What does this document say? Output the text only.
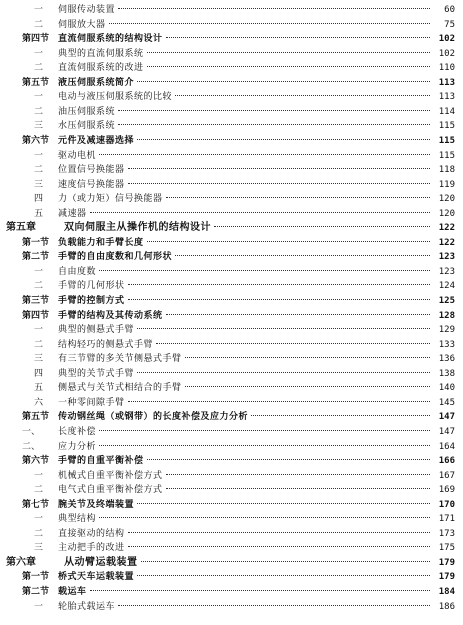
一	伺服传动装置	60
二	伺服放大器	75
第四节 直流伺服系统的结构设计	102
一	典型的直流伺服系统	102
二	直流伺服系统的改进	110
第五节 液压伺服系统简介	113
一	电动与液压伺服系统的比较	113
二	油压伺服系统	114
三	水压伺服系统	115
第六节 元件及减速器选择	115
一	驱动电机	115
二	位置信号换能器	118
三	速度信号换能器	119
四	力（或力矩）信号换能器	120
五	减速器	120
第五章	双向伺服主从操作机的结构设计	122
第一节 负载能力和手臂长度	122
第二节 手臂的自由度数和几何形状	123
一	自由度数	123
二	手臂的几何形状	124
第三节 手臂的控制方式	125
第四节 手臂的结构及其传动系统	128
一	典型的侧悬式手臂	129
二	结构轻巧的侧悬式手臂	133
三	有三节臂的多关节侧悬式手臂	136
四	典型的关节式手臂	138
五	侧悬式与关节式相结合的手臂	140
六	一种零间隙手臂	145
第五节 传动钢丝绳（或钢带）的长度补偿及应力分析	147
一、	长度补偿	147
二、	应力分析	164
第六节 手臂的自重平衡补偿	166
一	机械式自重平衡补偿方式	167
二	电气式自重平衡补偿方式	169
第七节 腕关节及终端装置	170
一	典型结构	171
二	直接驱动的结构	173
三	主动把手的改进	175
第六章	从动臂运载装置	179
第一节 桥式天车运载装置	179
第二节 载运车	184
一	轮胎式载运车	186
